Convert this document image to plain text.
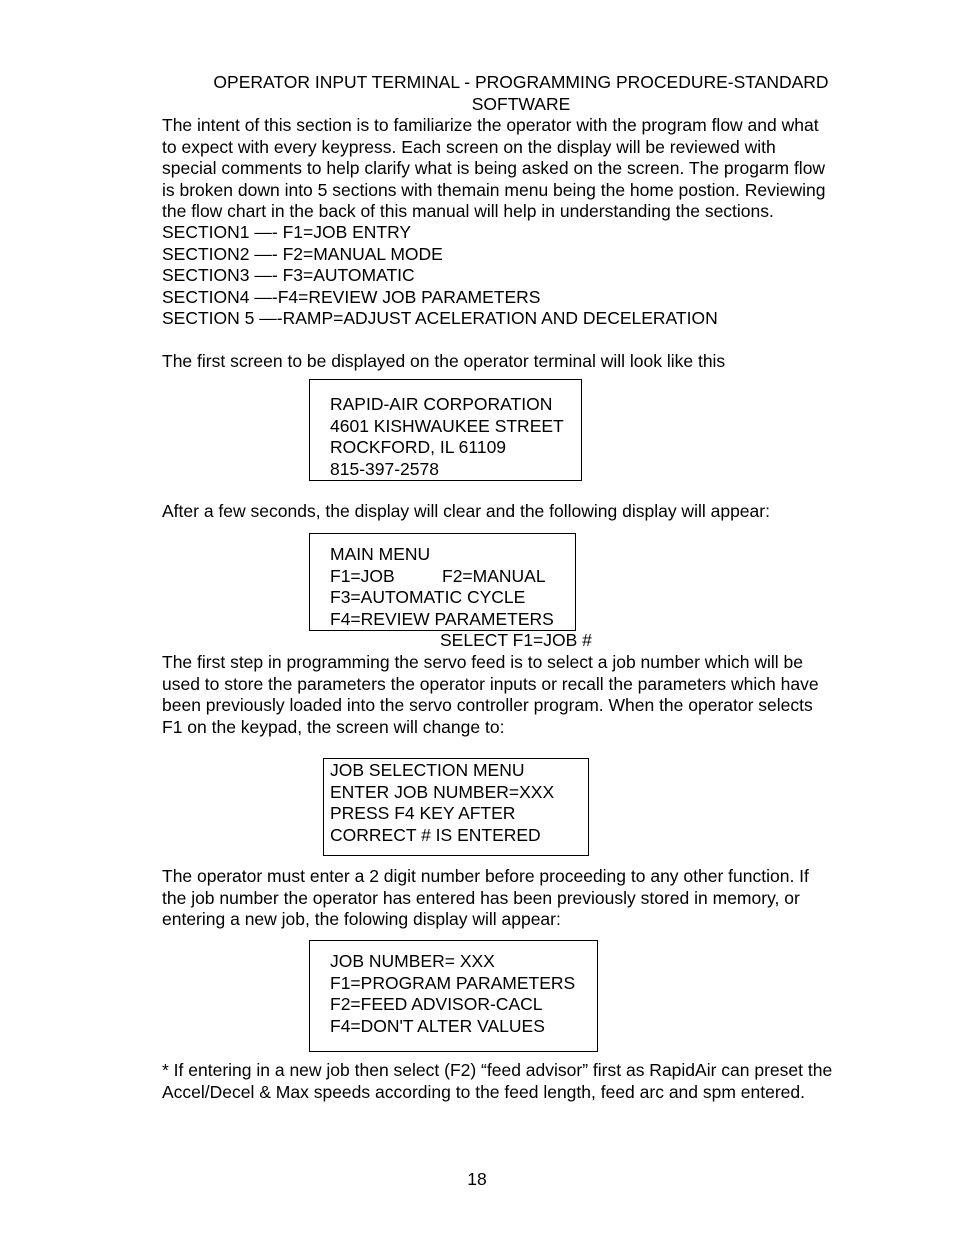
OPERATOR INPUT TERMINAL - PROGRAMMING PROCEDURE-STANDARD
SOFTWARE
The intent of this section is to familiarize the operator with the program flow and what
to expect with every keypress. Each screen on the display will be reviewed with
special comments to help clarify what is being asked on the screen. The progarm flow
is broken down into 5 sections with themain menu being the home postion. Reviewing
the flow chart in the back of this manual will help in understanding the sections.
SECTION1 —- F1=JOB ENTRY
SECTION2 —- F2=MANUAL MODE
SECTION3 —- F3=AUTOMATIC
SECTION4 —-F4=REVIEW JOB PARAMETERS
SECTION 5 —-RAMP=ADJUST ACELERATION AND DECELERATION
The first screen to be displayed on the operator terminal will look like this
RAPID-AIR CORPORATION
4601 KISHWAUKEE STREET
ROCKFORD, IL 61109
815-397-2578
After a few seconds, the display will clear and the following display will appear:
MAIN MENU
F1=JOB	F2=MANUAL
F3=AUTOMATIC CYCLE
F4=REVIEW PARAMETERS
SELECT F1=JOB #
The first step in programming the servo feed is to select a job number which will be
used to store the parameters the operator inputs or recall the parameters which have
been previously loaded into the servo controller program. When the operator selects
F1 on the keypad, the screen will change to:
JOB SELECTION MENU
ENTER JOB NUMBER=XXX
PRESS F4 KEY AFTER
CORRECT # IS ENTERED
The operator must enter a 2 digit number before proceeding to any other function. If
the job number the operator has entered has been previously stored in memory, or
entering a new job, the folowing display will appear:
JOB NUMBER= XXX
F1=PROGRAM PARAMETERS
F2=FEED ADVISOR-CACL
F4=DON'T ALTER VALUES
* If entering in a new job then select (F2) “feed advisor” first as RapidAir can preset the
Accel/Decel & Max speeds according to the feed length, feed arc and spm entered.
18
